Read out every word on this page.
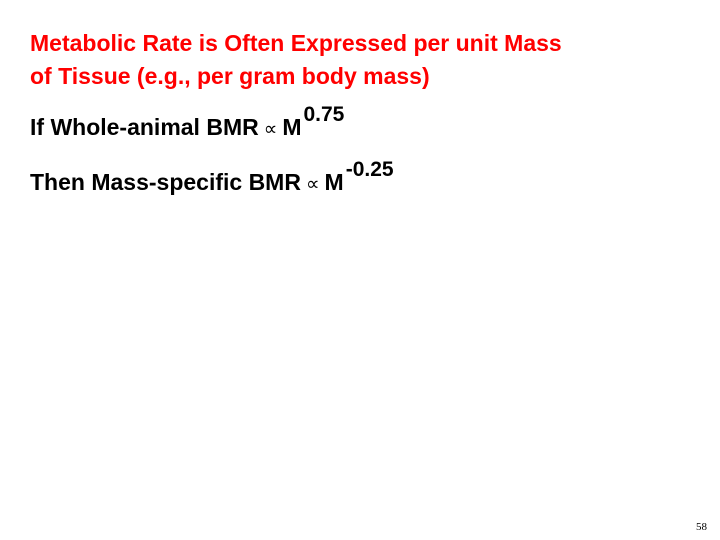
Metabolic Rate is Often Expressed per unit Mass
of Tissue (e.g., per gram body mass)

If Whole-animal BMR ∝ M0.75

Then Mass-specific BMR ∝ M-0.25

58
